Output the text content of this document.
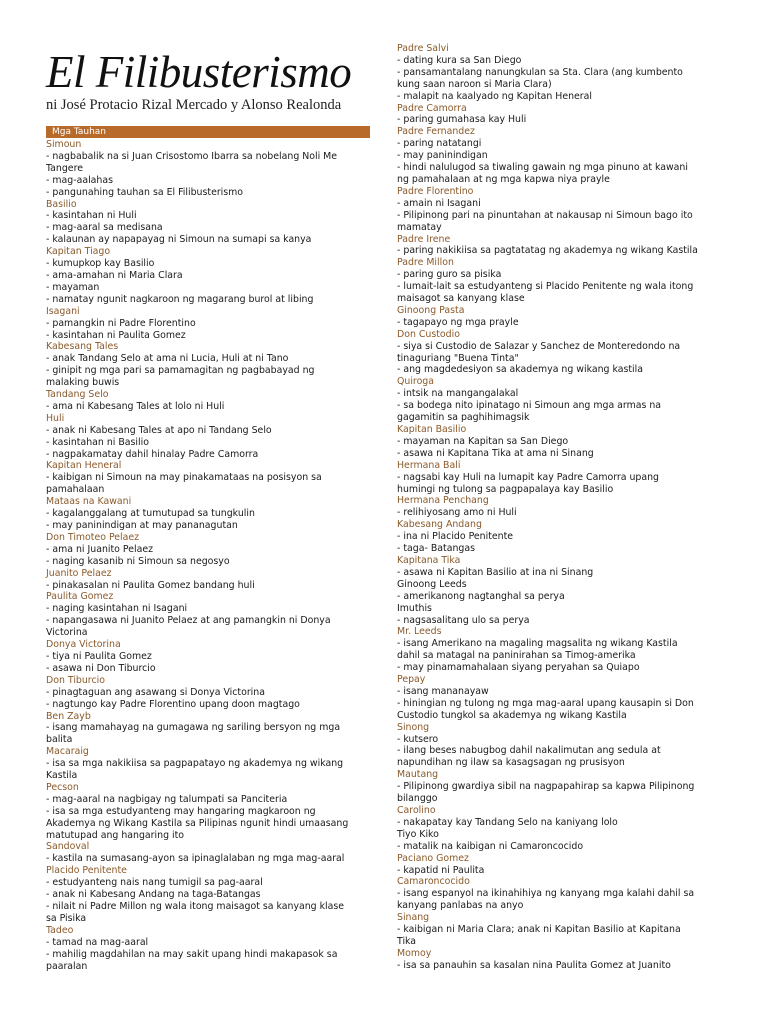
El Filibusterismo
ni José Protacio Rizal Mercado y Alonso Realonda
Mga Tauhan
Simoun
- nagbabalik na si Juan Crisostomo Ibarra sa nobelang Noli Me
Tangere
- mag-aalahas
- pangunahing tauhan sa El Filibusterismo
Basilio
- kasintahan ni Huli
- mag-aaral sa medisana
- kalaunan ay napapayag ni Simoun na sumapi sa kanya
Kapitan Tiago
- kumupkop kay Basilio
- ama-amahan ni Maria Clara
- mayaman
- namatay ngunit nagkaroon ng magarang burol at libing
Isagani
- pamangkin ni Padre Florentino
- kasintahan ni Paulita Gomez
Kabesang Tales
- anak Tandang Selo at ama ni Lucia, Huli at ni Tano
- ginipit ng mga pari sa pamamagitan ng pagbabayad ng
malaking buwis
Tandang Selo
- ama ni Kabesang Tales at lolo ni Huli
Huli
- anak ni Kabesang Tales at apo ni Tandang Selo
- kasintahan ni Basilio
- nagpakamatay dahil hinalay Padre Camorra
Kapitan Heneral
- kaibigan ni Simoun na may pinakamataas na posisyon sa
pamahalaan
Mataas na Kawani
- kagalanggalang at tumutupad sa tungkulin
- may paninindigan at may pananagutan
Don Timoteo Pelaez
- ama ni Juanito Pelaez
- naging kasanib ni Simoun sa negosyo
Juanito Pelaez
- pinakasalan ni Paulita Gomez bandang huli
Paulita Gomez
- naging kasintahan ni Isagani
- napangasawa ni Juanito Pelaez at ang pamangkin ni Donya
Victorina
Donya Victorina
- tiya ni Paulita Gomez
- asawa ni Don Tiburcio
Don Tiburcio
- pinagtaguan ang asawang si Donya Victorina
- nagtungo kay Padre Florentino upang doon magtago
Ben Zayb
- isang mamahayag na gumagawa ng sariling bersyon ng mga
balita
Macaraig
- isa sa mga nakikiisa sa pagpapatayo ng akademya ng wikang
Kastila
Pecson
- mag-aaral na nagbigay ng talumpati sa Panciteria
- isa sa mga estudyanteng may hangaring magkaroon ng
Akademya ng Wikang Kastila sa Pilipinas ngunit hindi umaasang
matutupad ang hangaring ito
Sandoval
- kastila na sumasang-ayon sa ipinaglalaban ng mga mag-aaral
Placido Penitente
- estudyanteng nais nang tumigil sa pag-aaral
- anak ni Kabesang Andang na taga-Batangas
- nilait ni Padre Millon ng wala itong maisagot sa kanyang klase
sa Pisika
Tadeo
- tamad na mag-aaral
- mahilig magdahilan na may sakit upang hindi makapasok sa
paaralan
Padre Salvi
- dating kura sa San Diego
- pansamantalang nanungkulan sa Sta. Clara (ang kumbento
kung saan naroon si Maria Clara)
- malapit na kaalyado ng Kapitan Heneral
Padre Camorra
- paring gumahasa kay Huli
Padre Fernandez
- paring natatangi
- may paninindigan
- hindi nalulugod sa tiwaling gawain ng mga pinuno at kawani
ng pamahalaan at ng mga kapwa niya prayle
Padre Florentino
- amain ni Isagani
- Pilipinong pari na pinuntahan at nakausap ni Simoun bago ito
mamatay
Padre Irene
- paring nakikiisa sa pagtatatag ng akademya ng wikang Kastila
Padre Millon
- paring guro sa pisika
- lumait-lait sa estudyanteng si Placido Penitente ng wala itong
maisagot sa kanyang klase
Ginoong Pasta
- tagapayo ng mga prayle
Don Custodio
- siya si Custodio de Salazar y Sanchez de Monteredondo na
tinaguriang "Buena Tinta"
- ang magdedesiyon sa akademya ng wikang kastila
Quiroga
- intsik na mangangalakal
- sa bodega nito ipinatago ni Simoun ang mga armas na
gagamitin sa paghihimagsik
Kapitan Basilio
- mayaman na Kapitan sa San Diego
- asawa ni Kapitana Tika at ama ni Sinang
Hermana Bali
- nagsabi kay Huli na lumapit kay Padre Camorra upang
humingi ng tulong sa pagpapalaya kay Basilio
Hermana Penchang
- relihiyosang amo ni Huli
Kabesang Andang
- ina ni Placido Penitente
- taga- Batangas
Kapitana Tika
- asawa ni Kapitan Basilio at ina ni Sinang
Ginoong Leeds
- amerikanong nagtanghal sa perya
Imuthis
- nagsasalitang ulo sa perya
Mr. Leeds
- isang Amerikano na magaling magsalita ng wikang Kastila
dahil sa matagal na paninirahan sa Timog-amerika
- may pinamamahalaan siyang peryahan sa Quiapo
Pepay
- isang mananayaw
- hiningian ng tulong ng mga mag-aaral upang kausapin si Don
Custodio tungkol sa akademya ng wikang Kastila
Sinong
- kutsero
- ilang beses nabugbog dahil nakalimutan ang sedula at
napundihan ng ilaw sa kasagsagan ng prusisyon
Mautang
- Pilipinong gwardiya sibil na nagpapahirap sa kapwa Pilipinong
bilanggo
Carolino
- nakapatay kay Tandang Selo na kaniyang lolo
Tiyo Kiko
- matalik na kaibigan ni Camaroncocido
Paciano Gomez
- kapatid ni Paulita
Camaroncocido
- isang espanyol na ikinahihiya ng kanyang mga kalahi dahil sa
kanyang panlabas na anyo
Sinang
- kaibigan ni Maria Clara; anak ni Kapitan Basilio at Kapitana
Tika
Momoy
- isa sa panauhin sa kasalan nina Paulita Gomez at Juanito
